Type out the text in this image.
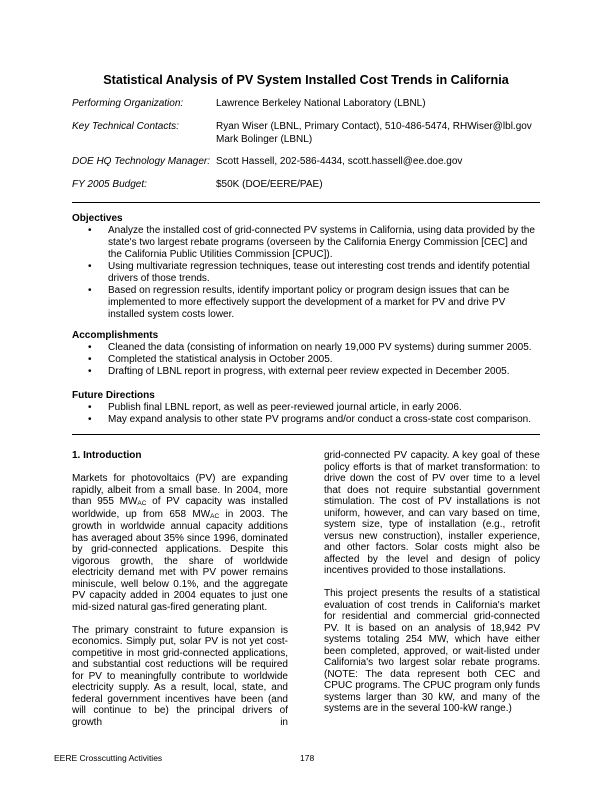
Statistical Analysis of PV System Installed Cost Trends in California
Performing Organization:	Lawrence Berkeley National Laboratory (LBNL)
Key Technical Contacts:	Ryan Wiser (LBNL, Primary Contact), 510-486-5474, RHWiser@lbl.gov
Mark Bolinger (LBNL)
DOE HQ Technology Manager: Scott Hassell, 202-586-4434, scott.hassell@ee.doe.gov
FY 2005 Budget:	$50K (DOE/EERE/PAE)
Objectives
• Analyze the installed cost of grid-connected PV systems in California, using data provided by the state's two largest rebate programs (overseen by the California Energy Commission [CEC] and the California Public Utilities Commission [CPUC]).
• Using multivariate regression techniques, tease out interesting cost trends and identify potential drivers of those trends.
• Based on regression results, identify important policy or program design issues that can be implemented to more effectively support the development of a market for PV and drive PV installed system costs lower.
Accomplishments
• Cleaned the data (consisting of information on nearly 19,000 PV systems) during summer 2005.
• Completed the statistical analysis in October 2005.
• Drafting of LBNL report in progress, with external peer review expected in December 2005.
Future Directions
• Publish final LBNL report, as well as peer-reviewed journal article, in early 2006.
• May expand analysis to other state PV programs and/or conduct a cross-state cost comparison.
1. Introduction

Markets for photovoltaics (PV) are expanding rapidly, albeit from a small base. In 2004, more than 955 $MW_{AC}$ of PV capacity was installed worldwide, up from 658 $MW_{AC}$ in 2003. The growth in worldwide annual capacity additions has averaged about 35% since 1996, dominated by grid-connected applications. Despite this vigorous growth, the share of worldwide electricity demand met with PV power remains miniscule, well below 0.1%, and the aggregate PV capacity added in 2004 equates to just one mid-sized natural gas-fired generating plant.

The primary constraint to future expansion is economics. Simply put, solar PV is not yet cost-competitive in most grid-connected applications, and substantial cost reductions will be required for PV to meaningfully contribute to worldwide electricity supply. As a result, local, state, and federal government incentives have been (and will continue to be) the principal drivers of growth in

grid-connected PV capacity. A key goal of these policy efforts is that of market transformation: to drive down the cost of PV over time to a level that does not require substantial government stimulation. The cost of PV installations is not uniform, however, and can vary based on time, system size, type of installation (e.g., retrofit versus new construction), installer experience, and other factors. Solar costs might also be affected by the level and design of policy incentives provided to those installations.

This project presents the results of a statistical evaluation of cost trends in California's market for residential and commercial grid-connected PV. It is based on an analysis of 18,942 PV systems totaling 254 MW, which have either been completed, approved, or wait-listed under California's two largest solar rebate programs. (NOTE: The data represent both CEC and CPUC programs. The CPUC program only funds systems larger than 30 kW, and many of the systems are in the several 100-kW range.)

EERE Crosscutting Activities	178
